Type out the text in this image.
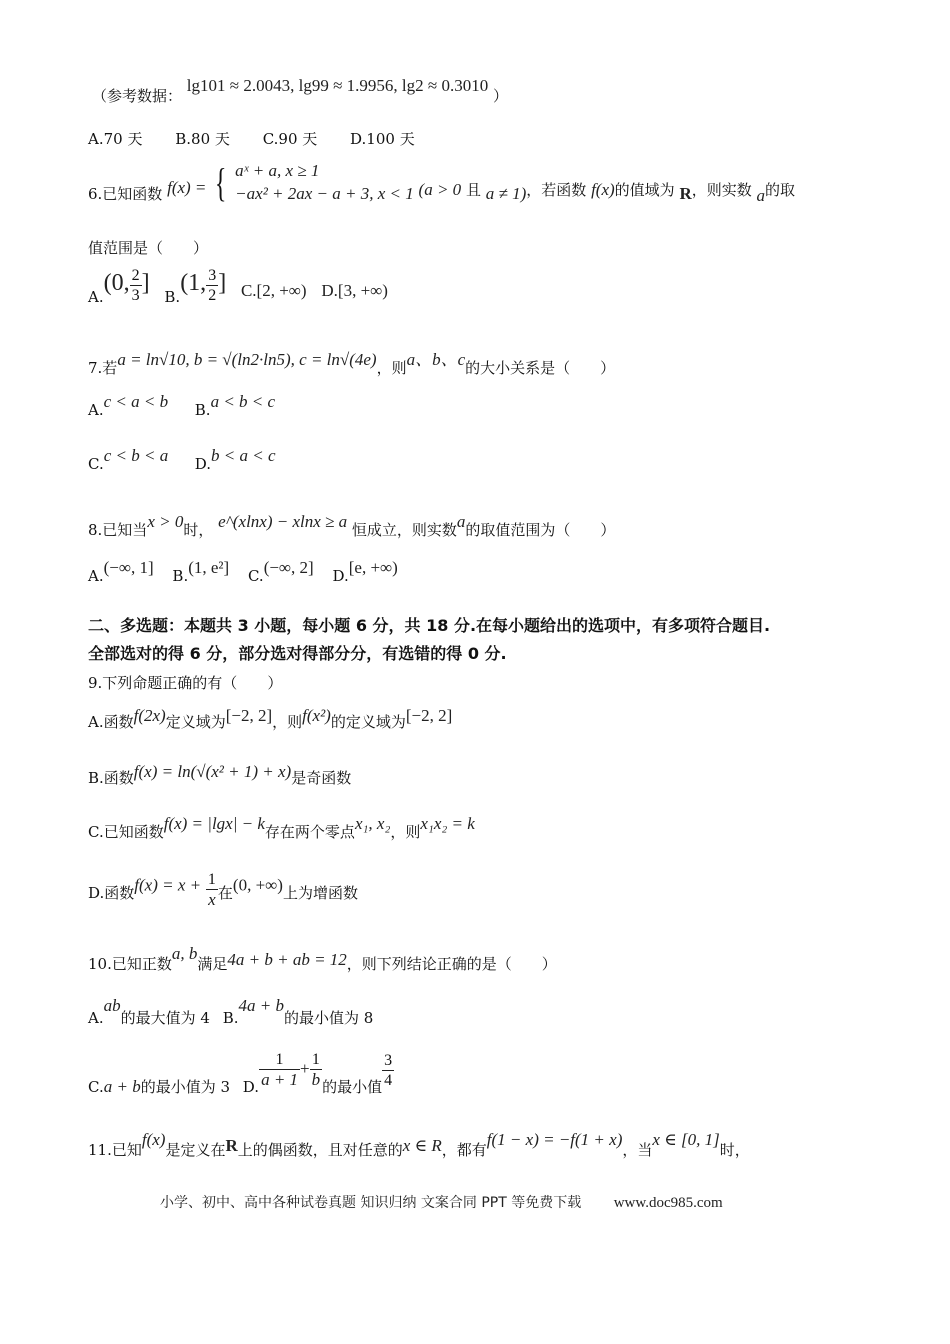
（参考数据： lg101 ≈ 2.0043, lg99 ≈ 1.9956, lg2 ≈ 0.3010 ）
A.70 天 B.80 天 C.90 天 D.100 天
6.已知函数 f(x) = { aˣ + a, x ≥ 1
−ax² + 2ax − a + 3, x < 1 (a > 0 且 a ≠ 1)，若函数 f(x)的值域为 R，则实数 a的取
值范围是（　　）
A.(0, $\frac{2}{3}$ ] B.(1, $\frac{3}{2}$ ] C.[2, +∞) D.[3, +∞)
7.若a = ln√10, b = √(ln2·ln5), c = ln√(4e)，则a、b、c的大小关系是（　　）
A.c < a < b B.a < b < c
C.c < b < a D.b < a < c
8.已知当x > 0时， e^(xlnx) − xlnx ≥ a 恒成立，则实数a的取值范围为（　　）
A.(−∞, 1] B.(1, e²] C.(−∞, 2] D.[e, +∞)
二、多选题：本题共 3 小题，每小题 6 分，共 18 分.在每小题给出的选项中，有多项符合题目.
全部选对的得 6 分，部分选对得部分分，有选错的得 0 分.
9.下列命题正确的有（　　）
A.函数f(2x)定义域为[−2, 2]，则f(x²)的定义域为[−2, 2]
B.函数f(x) = ln(√(x² + 1) + x)是奇函数
C.已知函数f(x) = |lgx| − k存在两个零点x₁, x₂，则x₁x₂ = k
D.函数$f(x) = x + \frac{1}{x}$ 在(0, +∞)上为增函数
10.已知正数a, b满足4a + b + ab = 12，则下列结论正确的是（　　）
A.ab的最大值为 4 B.4a + b的最小值为 8
C.a + b的最小值为 3 D. $\frac{1}{a + 1} + \frac{1}{b}$ 的最小值 $\frac{3}{4}$
11.已知f(x)是定义在R上的偶函数，且对任意的x ∈ R，都有f(1 − x) = −f(1 + x)，当x ∈ [0, 1]时，
小学、初中、高中各种试卷真题 知识归纳 文案合同 PPT 等免费下载 www.doc985.com
